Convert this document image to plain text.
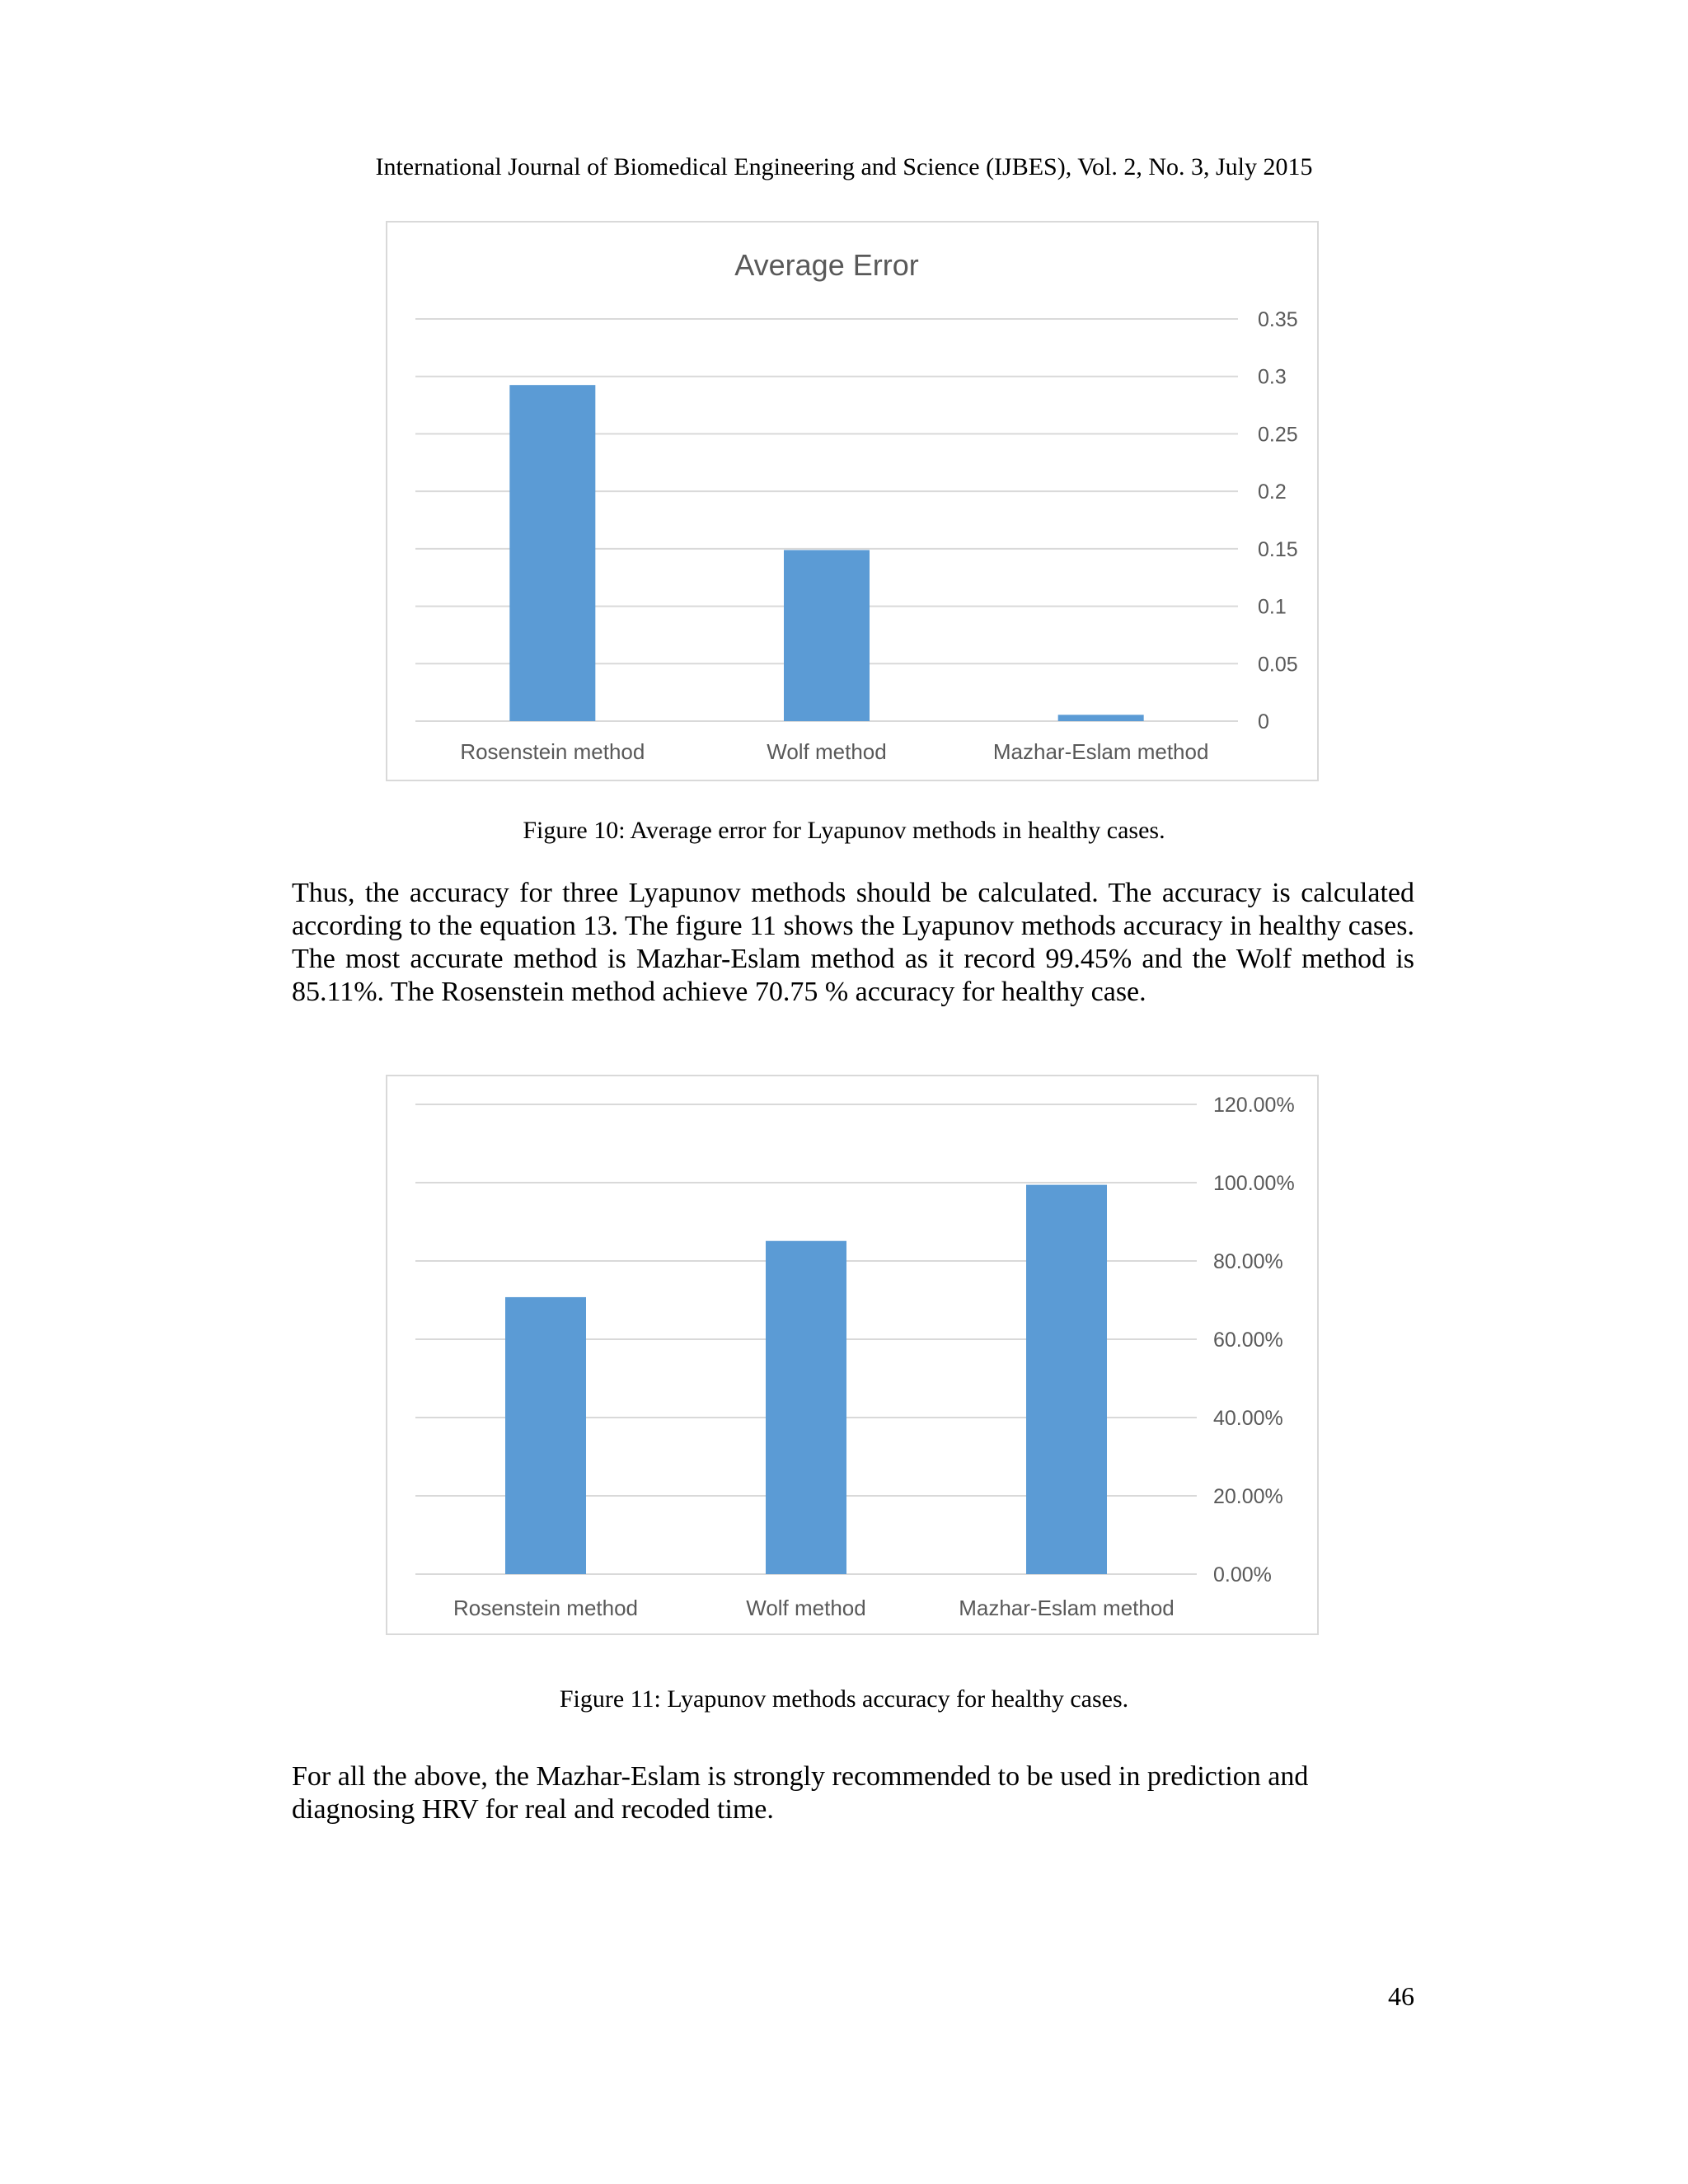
International Journal of Biomedical Engineering and Science (IJBES), Vol. 2, No. 3, July 2015
Average Error
0
0.05
0.1
0.15
0.2
0.25
0.3
0.35
Rosenstein method	Wolf method	Mazhar-Eslam method
Figure 10: Average error for Lyapunov methods in healthy cases.
Thus, the accuracy for three Lyapunov methods should be calculated. The accuracy is calculated according to the equation 13. The figure 11 shows the Lyapunov methods accuracy in healthy cases. The most accurate method is Mazhar-Eslam method as it record 99.45% and the Wolf method is 85.11%. The Rosenstein method achieve 70.75 % accuracy for healthy case.
0.00%
20.00%
40.00%
60.00%
80.00%
100.00%
120.00%
Rosenstein method	Wolf method	Mazhar-Eslam method
Figure 11: Lyapunov methods accuracy for healthy cases.
For all the above, the Mazhar-Eslam is strongly recommended to be used in prediction and diagnosing HRV for real and recoded time.
46
